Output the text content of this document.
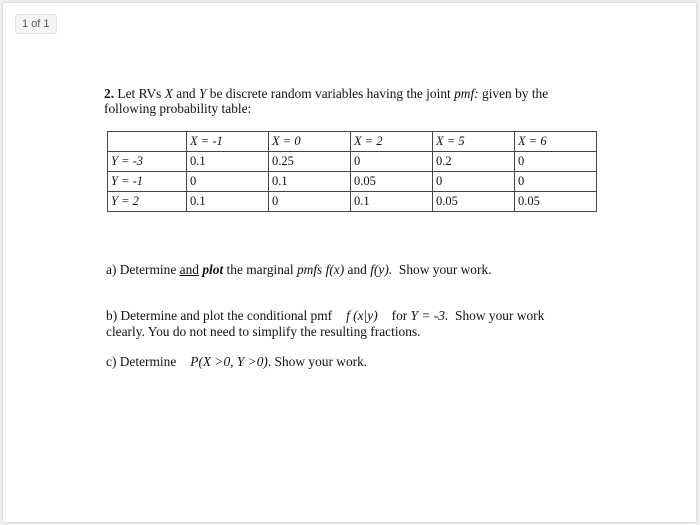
1 of 1

2. Let RVs X and Y be discrete random variables having the joint pmf: given by the following probability table:

	X = -1	X = 0	X = 2	X = 5	X = 6
Y = -3	0.1	0.25	0	0.2	0
Y = -1	0	0.1	0.05	0	0
Y = 2	0.1	0	0.1	0.05	0.05
a) Determine and plot the marginal pmfs f(x) and f(y). Show your work.
b) Determine and plot the conditional pmf f (x|y) for Y = -3. Show your work clearly. You do not need to simplify the resulting fractions.
c) Determine P(X >0, Y >0). Show your work.
